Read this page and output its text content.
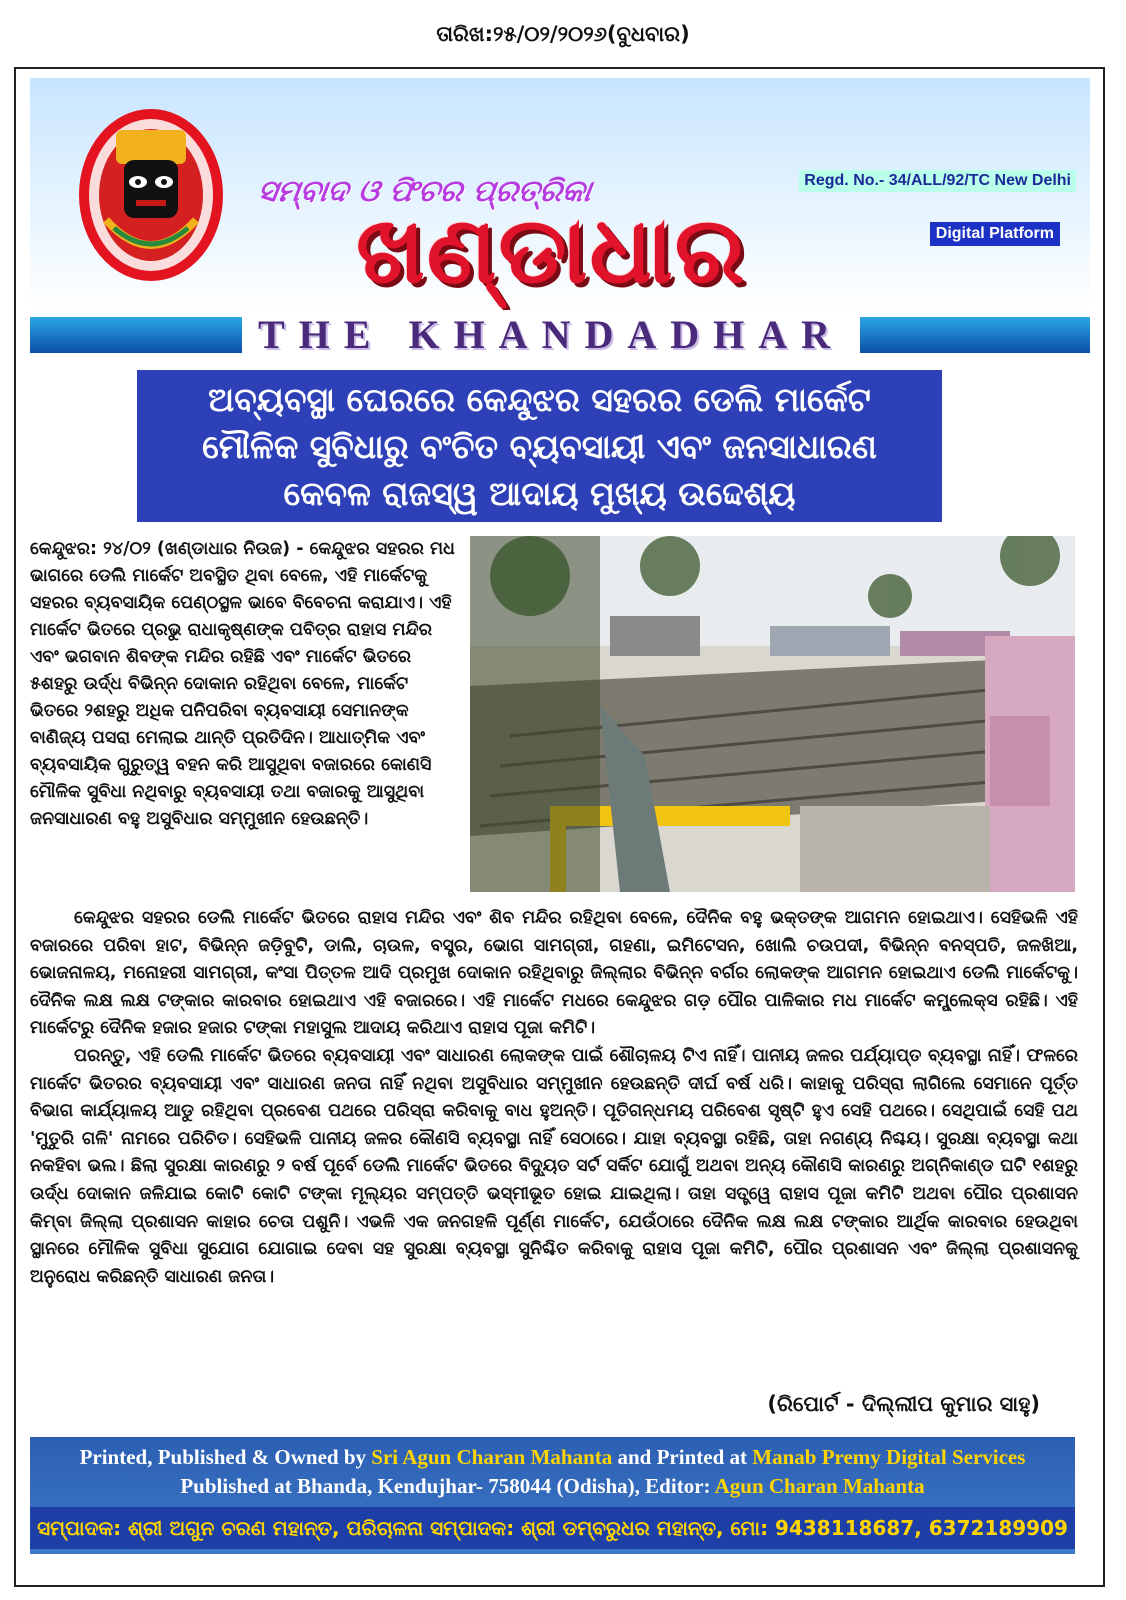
ତାରିଖ:୨୫/୦୨/୨୦୨୬(ବୁଧବାର)
ସମ୍ବାଦ ଓ ଫିଚର ପ୍ରତ୍ରିକା
ଖଣ୍ଡାଧାର
Regd. No.- 34/ALL/92/TC New Delhi
Digital Platform
THE KHANDADHAR
ଅବ୍ୟବସ୍ଥା ଘେରରେ କେନ୍ଦୁଝର ସହରର ଡେଲି ମାର୍କେଟ
ମୌଳିକ ସୁବିଧାରୁ ବଂଚିତ ବ୍ୟବସାୟୀ ଏବଂ ଜନସାଧାରଣ
କେବଳ ରାଜସ୍ୱ ଆଦାୟ ମୁଖ୍ୟ ଉଦ୍ଦେଶ୍ୟ
କେନ୍ଦୁଝର: ୨୪/୦୨ (ଖଣ୍ଡାଧାର ନିଉଜ) - କେନ୍ଦୁଝର ସହରର ମଧ ଭାଗରେ ଡେଲି ମାର୍କେଟ ଅବସ୍ଥିତ ଥିବା ବେଳେ, ଏହି ମାର୍କେଟକୁ ସହରର ବ୍ୟବସାୟିକ ପେଣ୍ଠସ୍ଥଳ ଭାବେ ବିବେଚନା କରାଯାଏ। ଏହି ମାର୍କେଟ ଭିତରେ ପ୍ରଭୁ ରାଧାକୃଷ୍ଣଙ୍କ ପବିତ୍ର ରାହାସ ମନ୍ଦିର ଏବଂ ଭଗବାନ ଶିବଙ୍କ ମନ୍ଦିର ରହିଛି ଏବଂ ମାର୍କେଟ ଭିତରେ ୫ଶହରୁ ଉର୍ଦ୍ଧ ବିଭିନ୍ନ ଦୋକାନ ରହିଥିବା ବେଳେ, ମାର୍କେଟ ଭିତରେ ୨ଶହରୁ ଅଧିକ ପନିପରିବା ବ୍ୟବସାୟୀ ସେମାନଙ୍କ ବାଣିଜ୍ୟ ପସରା ମେଲାଇ ଥାନ୍ତି ପ୍ରତିଦିନ। ଆଧାତ୍ମିକ ଏବଂ ବ୍ୟବସାୟିକ ଗୁରୁତ୍ୱ ବହନ କରି ଆସୁଥିବା ବଜାରରେ କୋଣସି ମୌଳିକ ସୁବିଧା ନଥିବାରୁ ବ୍ୟବସାୟୀ ତଥା ବଜାରକୁ ଆସୁଥିବା ଜନସାଧାରଣ ବହୁ ଅସୁବିଧାର ସମ୍ମୁଖୀନ ହେଉଛନ୍ତି।

କେନ୍ଦୁଝର ସହରର ଡେଲି ମାର୍କେଟ ଭିତରେ ରାହାସ ମନ୍ଦିର ଏବଂ ଶିବ ମନ୍ଦିର ରହିଥିବା ବେଳେ, ଦୈନିକ ବହୁ ଭକ୍ତଙ୍କ ଆଗମନ ହୋଇଥାଏ। ସେହିଭଳି ଏହି ବଜାରରେ ପରିବା ହାଟ, ବିଭିନ୍ନ ଜଡ଼ିବୁଟି, ଡାଲି, ଚାଉଳ, ବସ୍ତ୍ର, ଭୋଗ ସାମଗ୍ରୀ, ଗହଣା, ଇମିଟେସନ, ଖୋଲି ଚଉପଦୀ, ବିଭିନ୍ନ ବନସ୍ପତି, ଜଳଖିଆ, ଭୋଜନାଳୟ, ମନୋହରୀ ସାମଗ୍ରୀ, କଂସା ପିତ୍ତଳ ଆଦି ପ୍ରମୁଖ ଦୋକାନ ରହିଥିବାରୁ ଜିଲ୍ଲାର ବିଭିନ୍ନ ବର୍ଗର ଲୋକଙ୍କ ଆଗମନ ହୋଇଥାଏ ଡେଲି ମାର୍କେଟକୁ। ଦୈନିକ ଲକ୍ଷ ଲକ୍ଷ ଟଙ୍କାର କାରବାର ହୋଇଥାଏ ଏହି ବଜାରରେ। ଏହି ମାର୍କେଟ ମଧରେ କେନ୍ଦୁଝର ଗଡ଼ ପୌର ପାଳିକାର ମଧ ମାର୍କେଟ କମ୍ପ୍ଲେକ୍ସ ରହିଛି। ଏହି ମାର୍କେଟରୁ ଦୈନିକ ହଜାର ହଜାର ଟଙ୍କା ମହାସୁଲ ଆଦାୟ କରିଥାଏ ରାହାସ ପୂଜା କମିଟି।

ପରନ୍ତୁ, ଏହି ଡେଲି ମାର୍କେଟ ଭିତରେ ବ୍ୟବସାୟୀ ଏବଂ ସାଧାରଣ ଲୋକଙ୍କ ପାଇଁ ଶୌଚାଳୟ ଟିଏ ନାହିଁ। ପାନୀୟ ଜଳର ପର୍ଯ୍ୟାପ୍ତ ବ୍ୟବସ୍ଥା ନାହିଁ। ଫଳରେ ମାର୍କେଟ ଭିତରର ବ୍ୟବସାୟୀ ଏବଂ ସାଧାରଣ ଜନତା ନାହିଁ ନଥିବା ଅସୁବିଧାର ସମ୍ମୁଖୀନ ହେଉଛନ୍ତି ଦୀର୍ଘ ବର୍ଷ ଧରି। କାହାକୁ ପରିସ୍ରା ଲାଗିଲେ ସେମାନେ ପୂର୍ତ୍ତ ବିଭାଗ କାର୍ଯ୍ୟାଳୟ ଆଡୁ ରହିଥିବା ପ୍ରବେଶ ପଥରେ ପରିସ୍ରା କରିବାକୁ ବାଧ ହୁଅନ୍ତି। ପୂତିଗନ୍ଧମୟ ପରିବେଶ ସୃଷ୍ଟି ହୁଏ ସେହି ପଥରେ। ସେଥିପାଇଁ ସେହି ପଥ 'ମୁତୁରି ଗଳି' ନାମରେ ପରିଚିତ। ସେହିଭଳି ପାନୀୟ ଜଳର କୌଣସି ବ୍ୟବସ୍ଥା ନାହିଁ ସେଠାରେ। ଯାହା ବ୍ୟବସ୍ଥା ରହିଛି, ତାହା ନଗଣ୍ୟ ନିଶ୍ଚୟ। ସୁରକ୍ଷା ବ୍ୟବସ୍ଥା କଥା ନକହିବା ଭଲ। ଛିଲା ସୁରକ୍ଷା କାରଣରୁ ୨ ବର୍ଷ ପୂର୍ବେ ଡେଲି ମାର୍କେଟ ଭିତରେ ବିଦ୍ୟୁତ ସର୍ଟ ସର୍କିଟ ଯୋଗୁଁ ଅଥବା ଅନ୍ୟ କୌଣସି କାରଣରୁ ଅଗ୍ନିକାଣ୍ଡ ଘଟି ୧ଶହରୁ ଉର୍ଦ୍ଧ ଦୋକାନ ଜଳିଯାଇ କୋଟି କୋଟି ଟଙ୍କା ମୂଲ୍ୟର ସମ୍ପତ୍ତି ଭସ୍ମୀଭୂତ ହୋଇ ଯାଇଥିଲା। ତାହା ସତ୍ତ୍ୱେ ରାହାସ ପୂଜା କମିଟି ଅଥବା ପୌର ପ୍ରଶାସନ କିମ୍ବା ଜିଲ୍ଲା ପ୍ରଶାସନ କାହାର ଚେତା ପଶୁନି। ଏଭଳି ଏକ ଜନଗହଳି ପୂର୍ଣ୍ଣ ମାର୍କେଟ, ଯେଉଁଠାରେ ଦୈନିକ ଲକ୍ଷ ଲକ୍ଷ ଟଙ୍କାର ଆର୍ଥିକ କାରବାର ହେଉଥିବା ସ୍ଥାନରେ ମୌଳିକ ସୁବିଧା ସୁଯୋଗ ଯୋଗାଇ ଦେବା ସହ ସୁରକ୍ଷା ବ୍ୟବସ୍ଥା ସୁନିଶ୍ଚିତ କରିବାକୁ ରାହାସ ପୂଜା କମିଟି, ପୌର ପ୍ରଶାସନ ଏବଂ ଜିଲ୍ଲା ପ୍ରଶାସନକୁ ଅନୁରୋଧ କରିଛନ୍ତି ସାଧାରଣ ଜନତା।

(ରିପୋର୍ଟ - ଦିଲ୍ଲୀପ କୁମାର ସାହୁ)
Printed, Published & Owned by Sri Agun Charan Mahanta and Printed at Manab Premy Digital Services
Published at Bhanda, Kendujhar- 758044 (Odisha), Editor: Agun Charan Mahanta
ସମ୍ପାଦକ: ଶ୍ରୀ ଅଗୁନ ଚରଣ ମହାନ୍ତ, ପରିଚାଳନା ସମ୍ପାଦକ: ଶ୍ରୀ ଡମ୍ବରୁଧର ମହାନ୍ତ, ମୋ: 9438118687, 6372189909
